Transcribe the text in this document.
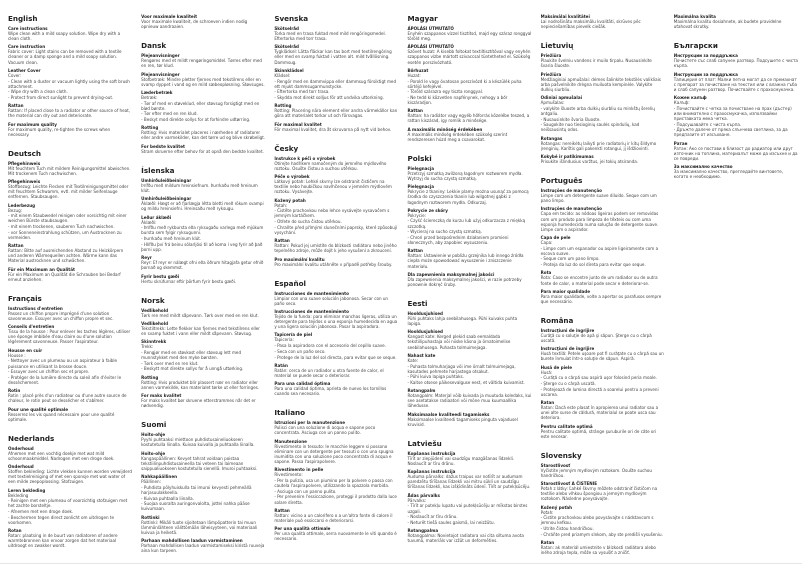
English
Care instructions

Wipe clean with a mild soapy solution. Wipe dry with a clean cloth.

Care instruction

Fabric cover: Light stains can be removed with a textile cleaner or a damp sponge and a mild soapy solution. Vacuum clean.

Leather Cover

Cover:

- Clean with a duster or vacuum lightly using the soft brush attachment.

- Wipe dry with a clean cloth.

- Protect from direct sunlight to prevent drying-out.

Rattan

Rattan: If placed close to a radiator or other source of heat, the material can dry out and deteriorate.

For maximum quality

For maximum quality, re-tighten the screws when necessary.

Deutsch
Pflegehinweis

Mit feuchtem Tuch mit mildem Reinigungsmittel abwischen. Mit trockenem Tuch nachwischen.

Pflegehinweis

Stoffbezug: Leichte Flecken mit Textilreinigungsmittel oder mit feuchtem Schwamm, evtl. mit milder Seifenlauge entfernen. Staubsaugen.

Lederbezug

Bezug:

- mit einem Staubwedel reinigen oder vorsichtig mit einer weichen Bürste staubsaugen.

- mit einem trockenen, sauberen Tuch nachwischen.

- vor Sonneneinstrahlung schützen, um Austrocknen zu vermeiden.

Rattan

Rattan: Bitte auf ausreichenden Abstand zu Heizkörpern und anderen Wärmequellen achten. Wärme kann das Material austrocknen und schwächen.

Für ein Maximum an Qualität

Für ein Maximum an Qualität die Schrauben bei Bedarf erneut anziehen.

Français
Instructions d'entretien

Passez un chiffon propre imprégné d'une solution savonneuse. Essuyer avec un chiffon propre et sec.

Conseils d'entretien

Tissu de la housse : Pour enlever les taches légères, utiliser une éponge imbibée d'eau claire ou d'une solution légèrement savonneuse. Passer l'aspirateur.

Housse en cuir

Housse :

- Nettoyer avec un plumeau ou un aspirateur à faible puissance en utilisant la brosse douce.

- Essuyer avec un chiffon sec et propre.

- Protéger de la lumière directe du soleil afin d'éviter le dessèchement.

Rotin

Rotin : placé près d'un radiateur ou d'une autre source de chaleur, le rotin peut se dessécher et s'abîmer.

Pour une qualité optimale

Resserrez les vis quand nécessaire pour une qualité optimale.

Nederlands
Onderhoud

Afnemen met een vochtig doekje met wat mild schoonmaakmiddel. Nadrogen met een droge doek.

Onderhoud

Stoffen bekleding: Lichte vlekken kunnen worden verwijderd met textielreiniging of met een sponsje met wat water of een milde zeepoplossing. Stofzuigen.

Leren bekleding

Bekleding

- Reinigen met een plumeau of voorzichtig stofzuigen met het zachte borsteltje.

- Afnemen met een droge doek.

- Beschermen tegen direct zonlicht om uitdrogen te voorkomen.

Rotan

Rotan: plaatsing in de buurt van radiatoren of andere warmtebronnen kan ervoor zorgen dat het materiaal uitdroogt en zwakker wordt.

Voor maximale kwaliteit

Voor maximale kwaliteit, de schroeven indien nodig opnieuw aandraaien.

Dansk
Plejeanvisninger

Rengøres med et mildt rengøringsmiddel. Tørres efter med en ren, tør klud.

Plejeanvisninger

Stofbetræk: Mindre pletter fjernes med tekstilrens eller en svamp dyppet i vand og en mild sæbeopløsning. Støvsuges.

Læderbetræk

Betræk:

- Tør af med en støveklud, eller støvsug forsigtigt med en blød børste.

- Tør efter med en ren klud.

- Beskyt mod direkte sollys for at forhindre udtørring.

Rotting

Rotting: Hvis materialet placeres i nærheden af radiatorer eller andre varmekilder, kan det tørre ud og blive skrøbeligt.

For bedste kvalitet

Stram skruerne efter behov for at opnå den bedste kvalitet.

Íslenska
Umhirðuleiðbeiningar

Þrífðu með mildum hreinsiefnum. Þurrkaðu með hreinum klút.

Umhirðuleiðbeiningar

Áklæði: Hægt er að fjarlægja létta bletti með rökum svampi og mildu hreinsiefni. Hreinsaðu með ryksugu.

Leður áklæði

Áklæði:

- Þrífðu með rykbursta eða ryksugaðu varlega með mjúkum bursta sem fylgir ryksugunni.

- Þurrkaðu með hreinum klút.

- Hlífðu því frá beinu sólarljósi til að koma í veg fyrir að það þorni upp.

Reyr

Reyr: Ef reyr er nálægt ofni eða öðrum hitagjafa getur efnið þornað og skemmst.

Fyrir bestu gæði

Hertu skrúfurnar eftir þörfum fyrir bestu gæði.

Norsk
Vedlikehold

Tørk ren med mildt såpevann. Tørk over med en ren klut.

Vedlikehold

Tekstiltrekk: Lette flekker kan fjernes med tekstilrens eller en svamp fuktet i vann eller mildt såpevann. Støvsug.

Skinntrekk

Trekk:

- Rengjør med en støvkost eller støvsug lett med munnstykket med den myke børsten.

- Tørk over med en ren klut.

- Beskytt mot direkte sollys for å unngå uttørking.

Rotting

Rotting: Hvis produktet blir plassert nær en radiator eller annen varmekilde, kan materialet tørke ut eller forringes.

For maks kvalitet

For maks kvalitet bør skruene etterstrammes når det er nødvendig.

Suomi
Hoito-ohje

Pyyhi puhtaaksi miettoon puhdistusaineliuokseen kostutetulla liinalla. Kuivaa kuivalla ja puhtaalla liinalla.

Hoito-ohje

Kangaspäällinen: Kevyet tahrat voidaan poistaa tekstiilinpuhdistusaineella tai veteen tai laimeaan saippualiuokseen kostutetulla sienellä. Imuroi puhtaaksi.

Nahkapäällinen

Päällinen:

- Puhdista pölyhuiskulla tai imuroi kevyesti pehmeällä harjasuulakkeella.

- Kuivaa puhtaalla liinalla.

- Suojaa suoralta auringonvalolta, jottei nahka pääse kuivumaan.

Rottinki

Rottinki: Mikäli tuote sijoitetaan lämpöpatterin tai muun lämmönlähteen välittömään läheisyyteen, voi materiaali kuivua ja heiketä.

Parhaan mahdollisen laadun varmistaminen

Parhaan mahdollisen laadun varmistamiseksi kiristä ruuveja aina kun tarpeen.

Svenska
Skötselråd

Torka med en trasa fuktad med mild rengöringsmedel. Eftertorka med torr trasa.

Skötselråd

Tygklädsel: Lätta fläckar kan tas bort med textilrengöring eller med en svamp fuktad i vatten alt. mild tvållösning. Dammsug.

Skinnklädsel

Klädsel:

- Rengör med en dammvippa eller dammsug försiktigt med ett mjukt dammsugarmunstycke.

- Eftertorka med torr trasa.

- Skydda mot direkt solljus för att undvika uttorkning.

Rotting

Rotting: Placering nära element eller andra värmekällor kan göra att materialet torkar ut och försvagas.

För maximal kvalitet

För maximal kvalitet, dra åt skruvarna på nytt vid behov.

Česky
Instrukce k péči o výrobek

Otírejte hadříkem namočeným do jemného mýdlového roztoku. Osušte čistou a suchou utěrkou.

Péče o výrobek

Látkový potah: Lehké skvrny lze odstranit čističem na textilie nebo houbičkou navlhčenou v jemném mýdlovém roztoku. Vysávejte.

Kožený potah

Potah:

- Čistěte prachovkou nebo lehce vysávejte vysavačem s jemným kartáčkem.

- Otřete do sucha čistou utěrkou.

- Chraňte před přímými slunečními paprsky, které způsobují vysychání.

Rattan

Rattan: Pokud jej umístíte do blízkosti radiátoru nebo jiného tepelného zdroje, může dojít k jeho vysušení a zkroucení.

Pro maximální kvalitu

Pro maximální kvalitu utáhněte v případě potřeby šrouby.

Español
Instrucciones de mantenimiento

Limpiar con una suave solución jabonosa. Secar con un paño seco.

Instrucciones de mantenimiento

Tejido de la funda: para eliminar manchas ligeras, utiliza un detergente para tejidos o una esponja humedecida en agua y una ligera solución jabonosa. Pasar la aspiradora.

Tapicería de piel

Tapicería:

- Pasa la aspiradora con el accesorio del cepillo suave.

- Seca con un paño seco.

- Protege de la luz del sol directa, para evitar que se seque.

Ratán

Ratán: cerca de un radiador u otra fuente de calor, el material se puede secar o deteriorar.

Para una calidad óptima

Para una calidad óptima, aprieta de nuevo los tornillos cuando sea necesario.

Italiano
Istruzioni per la manutenzione

Pulisci con una soluzione di acqua e sapone poco concentrata. Asciuga con un panno pulito.

Manutenzione

Rivestimento in tessuto: le macchie leggere si possono eliminare con un detergente per tessuti o con una spugna inumidita con una soluzione poco concentrata di acqua e sapone. Passa l'aspirapolvere.

Rivestimento in pelle

Rivestimento:

- Per la pulizia, usa un piumino per la polvere o passa con cautela l'aspirapolvere, utilizzando la spazzola morbida.

- Asciuga con un panno pulito.

- Per prevenire l'essiccazione, proteggi il prodotto dalla luce solare diretta.

Rattan

Rattan: vicino a un calorifero o a un'altra fonte di calore il materiale può essiccarsi e deteriorarsi.

Per una qualità ottimale

Per una qualità ottimale, serra nuovamente le viti quando è necessario.

Magyar
ÁPOLÁSI ÚTMUTATÓ

Enyhén szappanos vízzel tisztítsd, majd egy száraz ronggyal töröld meg.

ÁPOLÁSI ÚTMUTATÓ

Szövet huzat: A kisebb foltokat textiltisztítóval vagy enyhén szappanos vízbe mártott szivaccsal tüntetheted el. Szükség esetén porszívózható.

Bőrhuzat

Huzat:

- Porold le vagy óvatosan porszívózd ki a készülék puha sörtéjű kefejével.

- Töröld szárazra egy tiszta ronggyal.

- Ne tedd ki közvetlen napfénynek, nehogy a bőr kiszáradjon.

Rattan

Rattan: ha radiátor vagy egyéb hőforrás közelébe teszed, a rattan kiszárad, így romlik a minősége.

A maximális minőség érdekében

A maximális minőség érdekében szükség szerint rendszeresen húzd meg a csavarokat.

Polski
Pielęgnacja

Przetrzyj szmatką zwilżoną łagodnym roztworem mydła. Wytrzyj do sucha czystą szmatką.

Pielęgnacja

Pokrycie z tkaniny: Lekkie plamy można usunąć za pomocą środka do czyszczenia tkanin lub wilgotnej gąbki z łagodnym roztworem mydła. Odkurzaj.

Pokrycie ze skóry

Pokrycie:

- Czyść ściereczką do kurzu lub użyj odkurzacza z miękką szczotką.

- Wycieraj na sucho czystą szmatką.

- Chroń przed bezpośrednim działaniem promieni słonecznych, aby zapobiec wysuszeniu.

Rattan

Rattan: Ustawienie w pobliżu grzejnika lub innego źródła ciepła może spowodować wysuszenie i zniszczenie materiału.

Dla zapewnienia maksymalnej jakości

Dla zapewnienia maksymalnej jakości, w razie potrzeby ponownie dokręć śruby.

Eesti
Hooldusjuhised

Pühi puhtaks lahja seebilahusega. Pühi kuivaks puhta lapiga.

Hooldusjuhised

Kangast kate: Kerged plekid saab eemaldada tekstiilipuhastaja või niiske käsna ja õrnatoimelise seebilahusega. Puhasta tolmuimejaga.

Nahast kate

Kate:

- Puhasta tolmuharjaga või ime õrnalt tolmuimejaga, kasutades pehmete harjastega otsakut.

- Pühi kuiva lapiga puhtaks.

- Kaitse otsese päikesevalguse eest, et vältida kuivamist.

Rotangpalm

Rotangpalm: Materjal võib kuivada ja muutuda koledaks, kui see asetatakse radiaatori või mõne muu kuumaallika lähedusse.

Maksimaalse kvaliteedi tagamiseks

Maksimaalse kvaliteedi tagamiseks pinguta vajadusel kruvisid.

Latviešu
Kopšanas instrukcija

Tīrīt ar ziepjūdenī vai saudzīgu mazgāšanas līdzekli. Noslaucīt ar tīru drānu.

Kopšanas instrukcija

Auduma pārvalks: dažus traipus var notīrīt ar audumam paredzētu tīrīšanas līdzekli vai mitru sūkli un saudzīgu tīrīšanas līdzekli, kas izšķīdināts ūdenī. Tīrīt ar putekļsūcēju.

Ādas pārvalks

Pārvalks:

- Tīrīt ar putekļu lupatu vai putekļsūcēju ar mīkstas birstes uzgali.

- Noslaucīt ar tīru drānu.

- Neturēt tiešā saules gaismā, lai neizžūtu.

Rotangpalma

Rotangpalma: Novietojot radiatora vai cita siltuma avota tuvumā, materiāls var izžūt un deformēties.

Maksimālai kvalitātei

Lai nodrošinātu maksimālu kvalitāti, skrūves pēc nepieciešamības pievelk ciešāk.

Lietuvių
Priežiūra

Plaukite švelniu vandens ir muilo tirpalu. Nusausinkite švaria šluoste.

Priežiūra

Medžiaginiai apmušalai: dėmes šalinkite tekstilės valikliais arba pašvelnikite drėgna muiluota kempinėle. Valykite dulkių siurbliu.

Odiniai apmušalai

Apmušalas:

- valykite šluoste arba dulkių siurbliu su minkštų šerelių antgaliu.

- Nusausinkite švaria šluoste.

- Saugokite nuo tiesioginių saulės spindulių, kad neišsausintų odos.

Rotangas

Rotangas: nereikėtų laikyti prie radiatorių ir kitų šildymo įrenginių. Karštis gali pakenkti rotangui, jį išdžiovinti.

Kokybė ir patikimumas

Prisukite išlindusius varžtus, jei tokių atsiranda.

Português
Instruções de manutenção

Limpe com um detergente suave diluído. Seque com um pano limpo.

Instruções de manutenção

Capa em tecido: as nódoas ligeiras podem ser removidas com um produto para limpeza de têxteis ou com uma esponja humedecida numa solução de detergente suave. Limpe com o aspirador.

Capa de pele

Capa:

- Limpe com um espanador ou aspire ligeiramente com a escova suave.

- Seque com um pano limpo.

- Proteja da luz do sol direta para evitar que seque.

Rota

Rota: Caso se encontre junto de um radiador ou de outra fonte de calor, o material pode secar e deteriorar-se.

Para maior qualidade

Para maior qualidade, volte a apertar os parafusos sempre que necessário.

Româna
Instrucţiuni de îngrijire

Curăţă cu o soluţie de apă şi săpun. Şterge cu o cârpă uscată.

Instrucţiuni de îngrijire

Husă textilă: Petele uşoare pot fi curăţate cu o cârpă sau un burete înmuiat într-o soluţie de săpun. Aspiră.

Husă de piele

Husă:

- Curăţă cu o cârpă sau aspiră uşor folosind peria moale.

- Şterge cu o cârpă uscată.

- Protejează de lumina directă a soarelui pentru a preveni uscarea.

Ratan

Ratan: Dacă este plasat în apropierea unui radiator sau a unei alte surse de căldură, materialul se poate usca sau deteriora.

Pentru calitate optimă

Pentru calitate optimă, strânge şuruburile ori de câte ori este necesar.

Slovensky
Starostlivosť

Vyčistite jemným mydlovým roztokom. Osušte suchou handričkou.

Starostlivosť A ČISTENIE

Poťah z látky: Ľahké škvrny môžete odstrániť čističom na textílie alebo vlhkou špongiou a jemným mydlovým roztokom. Následne povysávajte.

Kožený poťah

Poťah:

- Čistite prachovkou alebo povysávajte s nádstavcom s jemnou kefkou.

- Utrite čistou handričkou.

- Chráňte pred priamym slnkom, aby ste predišli vysušeniu.

Ratan

Ratan: ak materiál umiestnite v blízkosti radiátora alebo iného zdroja tepla, môže sa vysušiť a zničiť.

Maximálna kvalita

Maximálna kvalitu dosiahnete, ak budete pravidelne uťahovať skrutky.

Български
Инструкции за поддръжка

Почистете със слаб сапунен разтвор. Подсушете с чиста кърпа.

Инструкции за поддръжка

Тапицерия от плат: Малки петна могат да се премахнат с препарат за почистване на текстил или с влажна гъба и слаб сапунен разтвор. Почиствайте с прахосмукачка.

Кожен калъф

Калъф:

- Почиствайте с четка за почистване на прах (дъстер) или внимателно с прахосмукачка, използвайки приставката мека четка.

- Подсушавайте с чиста кърпа.

- Дръжте далече от пряка слънчева светлина, за да предпазите от изсъхване.

Ратан

Ратан: Ако се постави в близост до радиатор или друг източник на топлина, материалът може да изсъхне и да се повреди.

За максимално качество

За максимално качество, прегледайте винтовете, когато е необходимо.
